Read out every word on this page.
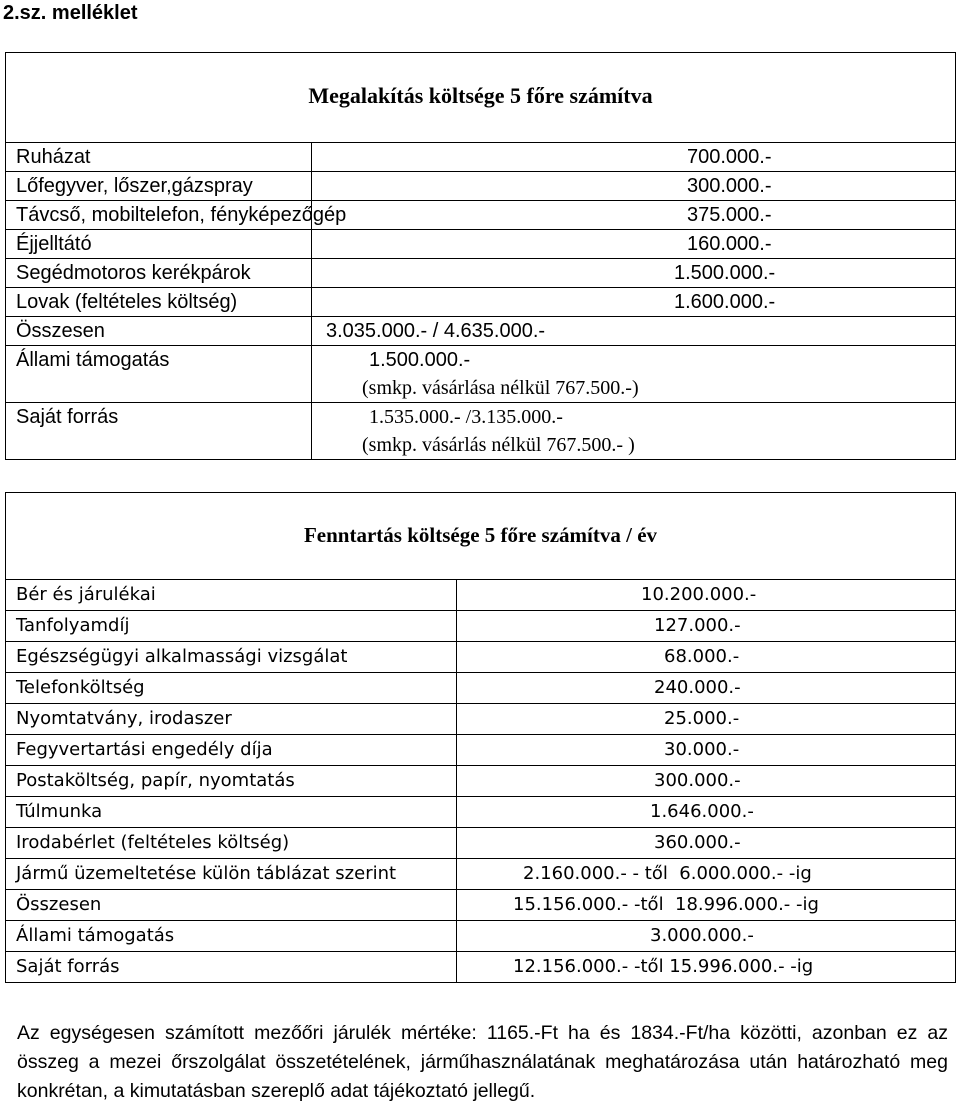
2.sz. melléklet
Megalakítás költsége 5 főre számítva	
Ruházat	700.000.-
Lőfegyver, lőszer,gázspray	300.000.-
Távcső, mobiltelefon, fényképezőgép	375.000.-
Éjjelltátó	160.000.-
Segédmotoros kerékpárok	1.500.000.-
Lovak (feltételes költség)	1.600.000.-
Összesen	3.035.000.- / 4.635.000.-
Állami támogatás	1.500.000.-
(smkp. vásárlása nélkül 767.500.-)

Saját forrás	1.535.000.- /3.135.000.-
(smkp. vásárlás nélkül 767.500.- )
Fenntartás költsége 5 főre számítva / év	
Bér és járulékai	10.200.000.-
Tanfolyamdíj	127.000.-
Egészségügyi alkalmassági vizsgálat	68.000.-
Telefonköltség	240.000.-
Nyomtatvány, irodaszer	25.000.-
Fegyvertartási engedély díja	30.000.-
Postaköltség, papír, nyomtatás	300.000.-
Túlmunka	1.646.000.-
Irodabérlet (feltételes költség)	360.000.-
Jármű üzemeltetése külön táblázat szerint	2.160.000.- - től  6.000.000.- -ig
Összesen	15.156.000.- -től  18.996.000.- -ig
Állami támogatás	3.000.000.-
Saját forrás	12.156.000.- -től 15.996.000.- -ig
Az egységesen számított mezőőri járulék mértéke: 1165.-Ft ha és 1834.-Ft/ha közötti, azonban ez az összeg a mezei őrszolgálat összetételének, járműhasználatának meghatározása után határozható meg konkrétan, a kimutatásban szereplő adat tájékoztató jellegű.
